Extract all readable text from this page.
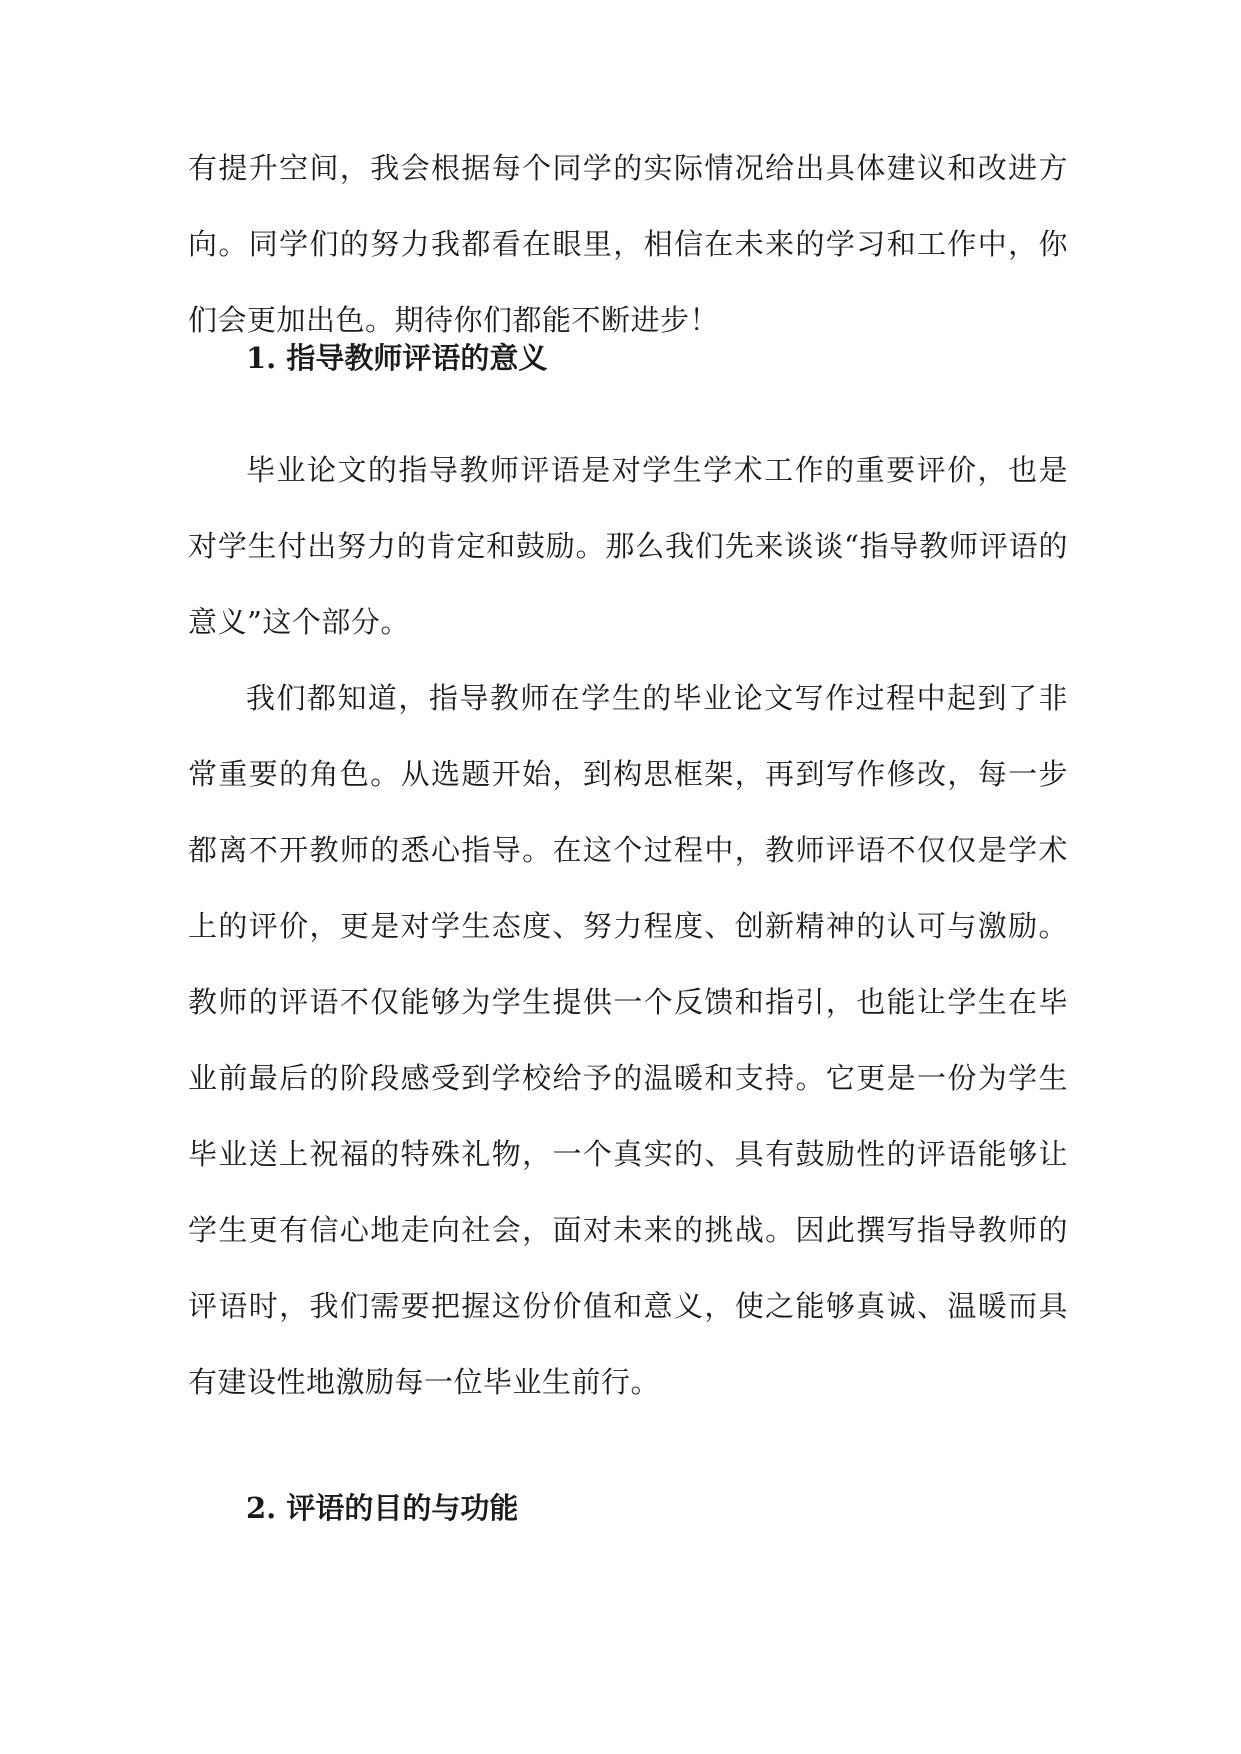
有提升空间，我会根据每个同学的实际情况给出具体建议和改进方向。同学们的努力我都看在眼里，相信在未来的学习和工作中，你们会更加出色。期待你们都能不断进步！

1. 指导教师评语的意义

毕业论文的指导教师评语是对学生学术工作的重要评价，也是对学生付出努力的肯定和鼓励。那么我们先来谈谈“指导教师评语的意义”这个部分。

我们都知道，指导教师在学生的毕业论文写作过程中起到了非常重要的角色。从选题开始，到构思框架，再到写作修改，每一步都离不开教师的悉心指导。在这个过程中，教师评语不仅仅是学术上的评价，更是对学生态度、努力程度、创新精神的认可与激励。教师的评语不仅能够为学生提供一个反馈和指引，也能让学生在毕业前最后的阶段感受到学校给予的温暖和支持。它更是一份为学生毕业送上祝福的特殊礼物，一个真实的、具有鼓励性的评语能够让学生更有信心地走向社会，面对未来的挑战。因此撰写指导教师的评语时，我们需要把握这份价值和意义，使之能够真诚、温暖而具有建设性地激励每一位毕业生前行。

2. 评语的目的与功能
